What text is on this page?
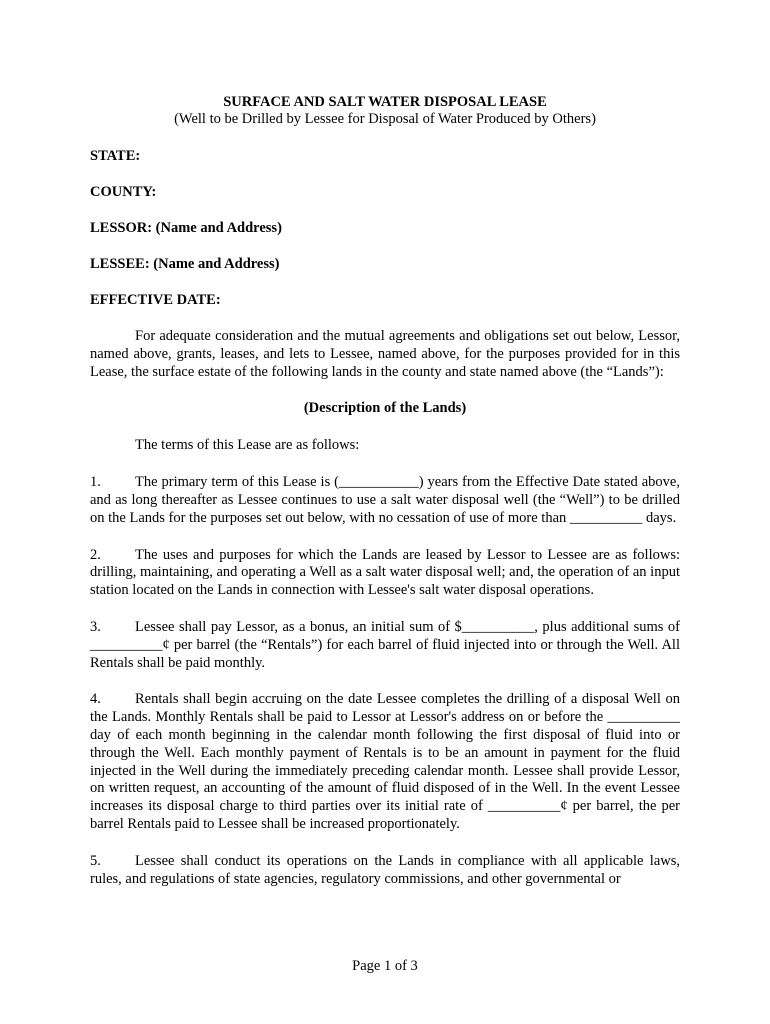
SURFACE AND SALT WATER DISPOSAL LEASE

(Well to be Drilled by Lessee for Disposal of Water Produced by Others)

STATE:

COUNTY:

LESSOR: (Name and Address)

LESSEE: (Name and Address)

EFFECTIVE DATE:

For adequate consideration and the mutual agreements and obligations set out below, Lessor, named above, grants, leases, and lets to Lessee, named above, for the purposes provided for in this Lease, the surface estate of the following lands in the county and state named above (the “Lands”):

(Description of the Lands)

The terms of this Lease are as follows:

1. The primary term of this Lease is (___________) years from the Effective Date stated above, and as long thereafter as Lessee continues to use a salt water disposal well (the “Well”) to be drilled on the Lands for the purposes set out below, with no cessation of use of more than __________ days.

2. The uses and purposes for which the Lands are leased by Lessor to Lessee are as follows: drilling, maintaining, and operating a Well as a salt water disposal well; and, the operation of an input station located on the Lands in connection with Lessee's salt water disposal operations.

3. Lessee shall pay Lessor, as a bonus, an initial sum of $__________, plus additional sums of __________¢ per barrel (the “Rentals”) for each barrel of fluid injected into or through the Well. All Rentals shall be paid monthly.

4. Rentals shall begin accruing on the date Lessee completes the drilling of a disposal Well on the Lands. Monthly Rentals shall be paid to Lessor at Lessor's address on or before the __________ day of each month beginning in the calendar month following the first disposal of fluid into or through the Well. Each monthly payment of Rentals is to be an amount in payment for the fluid injected in the Well during the immediately preceding calendar month. Lessee shall provide Lessor, on written request, an accounting of the amount of fluid disposed of in the Well. In the event Lessee increases its disposal charge to third parties over its initial rate of __________¢ per barrel, the per barrel Rentals paid to Lessee shall be increased proportionately.

5. Lessee shall conduct its operations on the Lands in compliance with all applicable laws, rules, and regulations of state agencies, regulatory commissions, and other governmental or

Page 1 of 3
